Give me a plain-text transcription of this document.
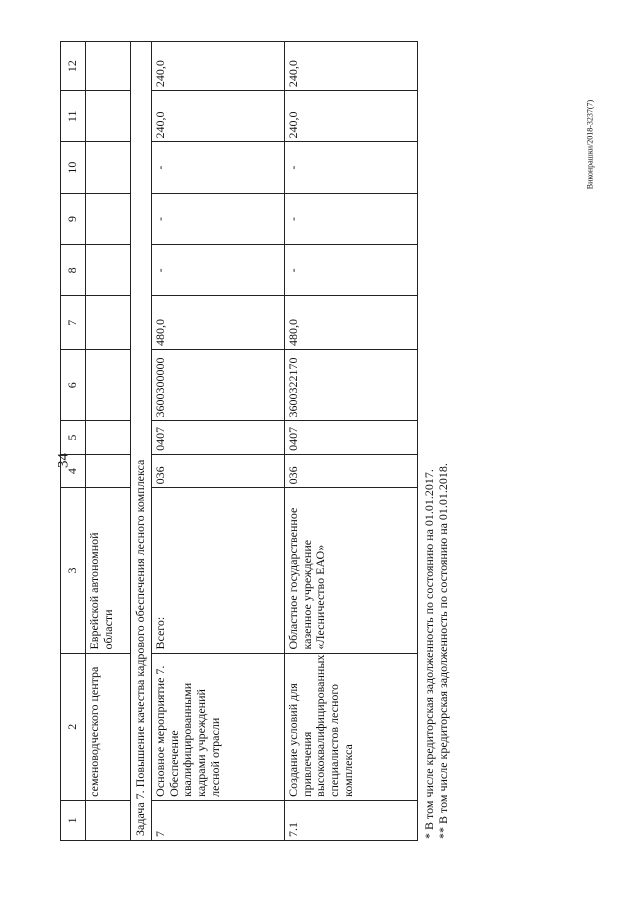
34
Виконрашки/2018-3237(7)
1	2	3	4	5	6	7	8	9	10	11	12
	семеноводческого центра	Еврейской автономной области									
Задача 7. Повышение качества кадрового обеспечения лесного комплекса											
7	Основное мероприятие 7. Обеспечение квалифицированными кадрами учреждений лесной отрасли	Всего:	036	0407	3600300000	480,0	-	-	-	240,0	240,0
7.1	Создание условий для привлечения высококвалифицированных специалистов лесного комплекса	Областное государственное казенное учреждение «Лесничество ЕАО»	036	0407	3600322170	480,0	-	-	-	240,0	240,0
* В том числе кредиторская задолженность по состоянию на 01.01.2017. ** В том числе кредиторская задолженность по состоянию на 01.01.2018.
